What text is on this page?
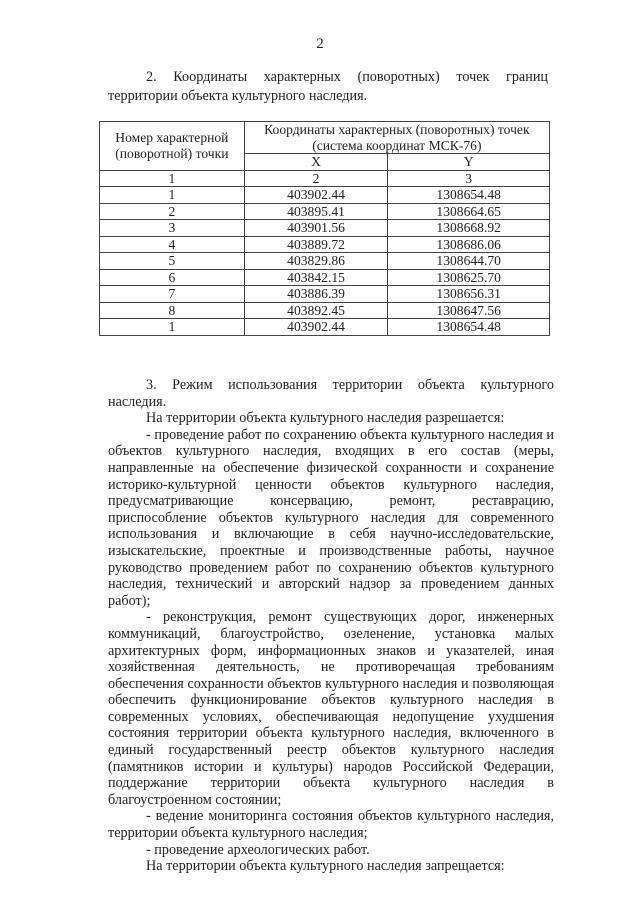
2
2. Координаты характерных (поворотных) точек границ территории объекта культурного наследия.
Номер характерной (поворотной) точки	Координаты характерных (поворотных) точек (система координат МСК-76)	
	X	Y
1	2	3
1	403902.44	1308654.48
2	403895.41	1308664.65
3	403901.56	1308668.92
4	403889.72	1308686.06
5	403829.86	1308644.70
6	403842.15	1308625.70
7	403886.39	1308656.31
8	403892.45	1308647.56
1	403902.44	1308654.48

3. Режим использования территории объекта культурного наследия.

На территории объекта культурного наследия разрешается:

- проведение работ по сохранению объекта культурного наследия и объектов культурного наследия, входящих в его состав (меры, направленные на обеспечение физической сохранности и сохранение историко-культурной ценности объектов культурного наследия, предусматривающие консервацию, ремонт, реставрацию, приспособление объектов культурного наследия для современного использования и включающие в себя научно-исследовательские, изыскательские, проектные и производственные работы, научное руководство проведением работ по сохранению объектов культурного наследия, технический и авторский надзор за проведением данных работ);

- реконструкция, ремонт существующих дорог, инженерных коммуникаций, благоустройство, озеленение, установка малых архитектурных форм, информационных знаков и указателей, иная хозяйственная деятельность, не противоречащая требованиям обеспечения сохранности объектов культурного наследия и позволяющая обеспечить функционирование объектов культурного наследия в современных условиях, обеспечивающая недопущение ухудшения состояния территории объекта культурного наследия, включенного в единый государственный реестр объектов культурного наследия (памятников истории и культуры) народов Российской Федерации, поддержание территории объекта культурного наследия в благоустроенном состоянии;

- ведение мониторинга состояния объектов культурного наследия, территории объекта культурного наследия;

- проведение археологических работ.

На территории объекта культурного наследия запрещается:
